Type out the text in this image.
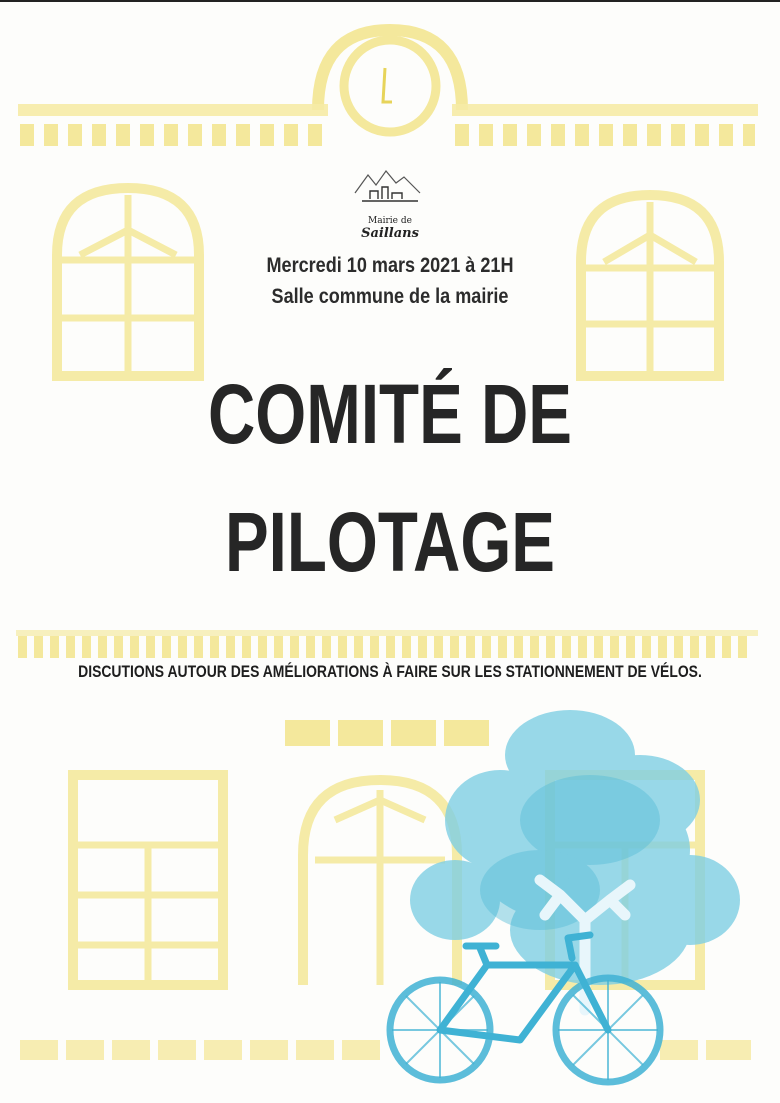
Mairie de Saillans
Mercredi 10 mars 2021 à 21H
Salle commune de la mairie
COMITÉ DE
PILOTAGE
DISCUTIONS AUTOUR DES AMÉLIORATIONS À FAIRE SUR LES STATIONNEMENT DE VÉLOS.
